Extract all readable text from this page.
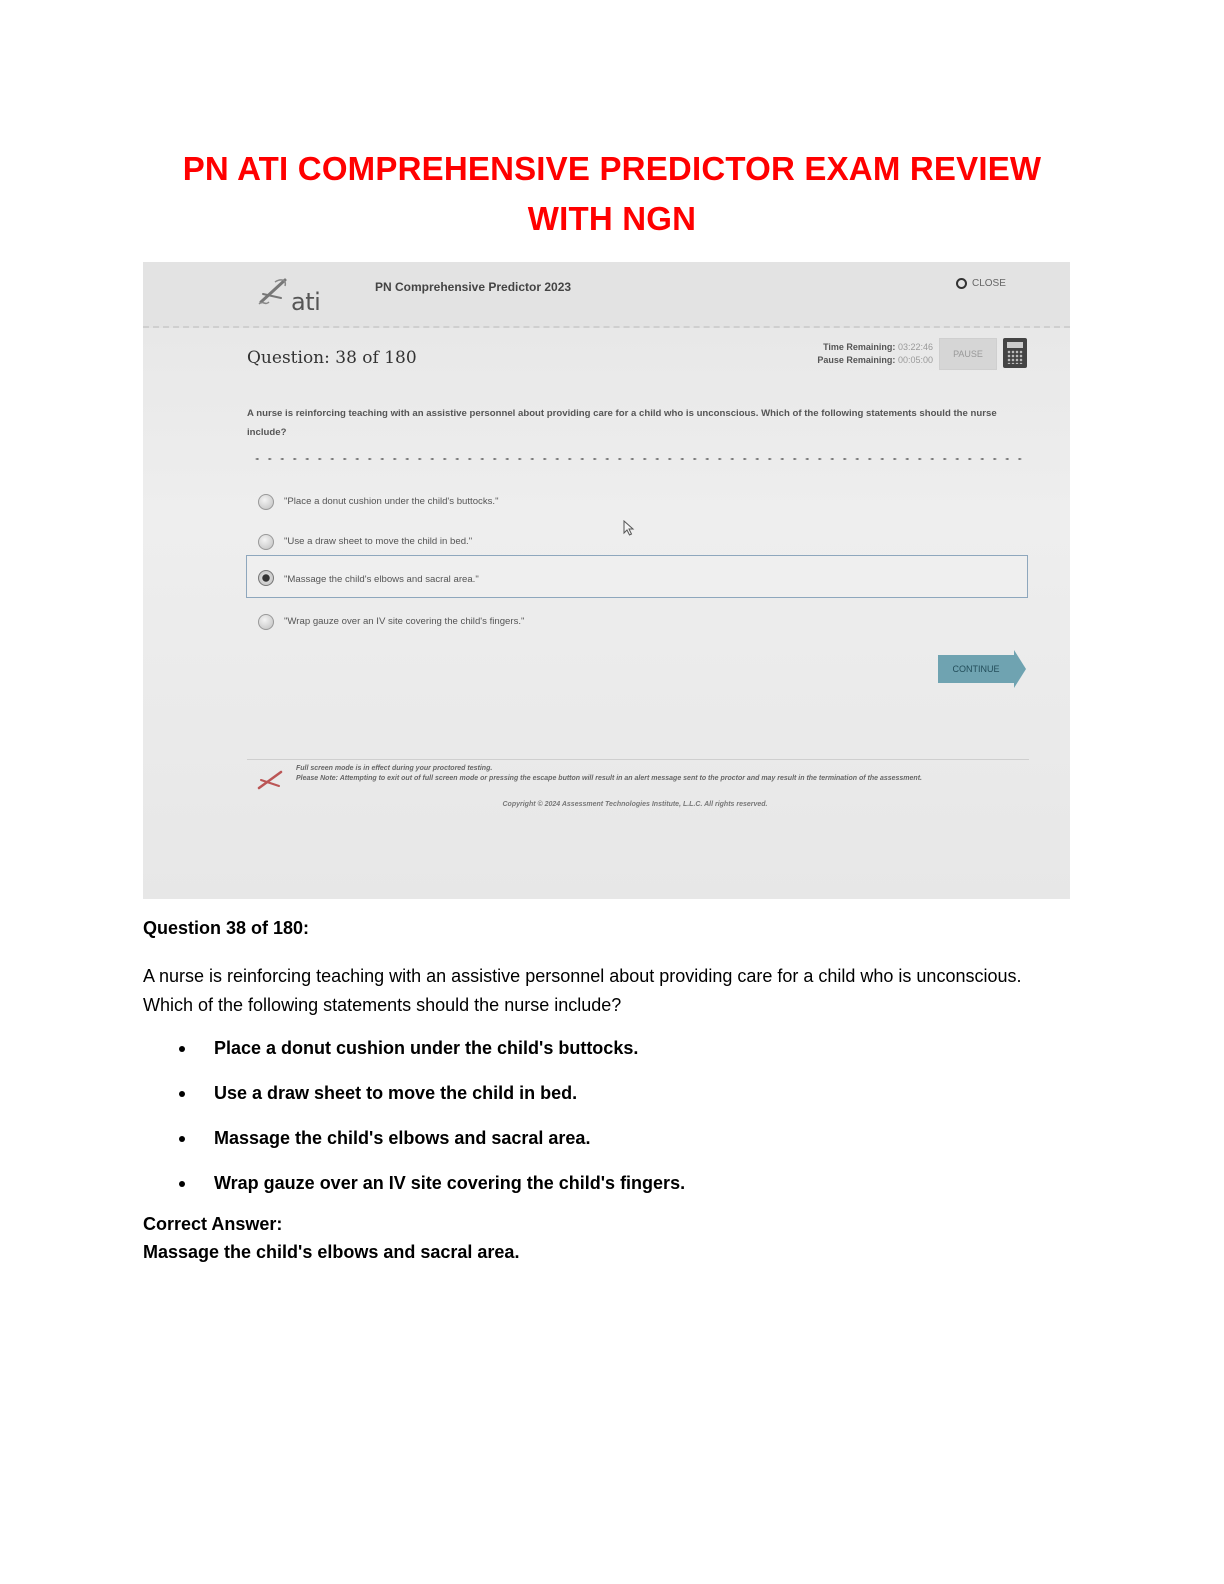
PN ATI COMPREHENSIVE PREDICTOR EXAM REVIEW
WITH NGN
ati
PN Comprehensive Predictor 2023	CLOSE
Question: 38 of 180
Time Remaining: 03:22:46
Pause Remaining: 00:05:00
PAUSE
A nurse is reinforcing teaching with an assistive personnel about providing care for a child who is unconscious. Which of the following statements should the nurse include?
"Place a donut cushion under the child's buttocks."
"Use a draw sheet to move the child in bed."
"Massage the child's elbows and sacral area."
"Wrap gauze over an IV site covering the child's fingers."
CONTINUE

Full screen mode is in effect during your proctored testing.

Please Note: Attempting to exit out of full screen mode or pressing the escape button will result in an alert message sent to the proctor and may result in the termination of the assessment.

Copyright © 2024 Assessment Technologies Institute, L.L.C. All rights reserved.
Question 38 of 180:
A nurse is reinforcing teaching with an assistive personnel about providing care for a child who is unconscious. Which of the following statements should the nurse include?
Place a donut cushion under the child's buttocks.
Use a draw sheet to move the child in bed.
Massage the child's elbows and sacral area.
Wrap gauze over an IV site covering the child's fingers.
Correct Answer:
Massage the child's elbows and sacral area.
